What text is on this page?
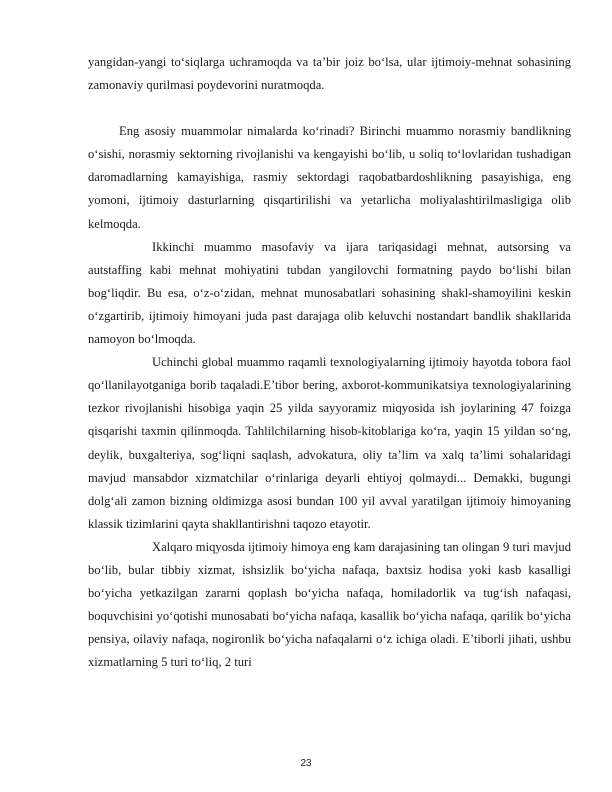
yangidan-yangi to‘siqlarga uchramoqda va ta’bir joiz bo‘lsa, ular ijtimoiy-mehnat sohasining zamonaviy qurilmasi poydevorini nuratmoqda.

Eng asosiy muammolar nimalarda ko‘rinadi? Birinchi muammo norasmiy bandlikning o‘sishi, norasmiy sektorning rivojlanishi va kengayishi bo‘lib, u soliq to‘lovlaridan tushadigan daromadlarning kamayishiga, rasmiy sektordagi raqobatbardoshlikning pasayishiga, eng yomoni, ijtimoiy dasturlarning qisqartirilishi va yetarlicha moliyalashtirilmasligiga olib kelmoqda.

Ikkinchi muammo masofaviy va ijara tariqasidagi mehnat, autsorsing va autstaffing kabi mehnat mohiyatini tubdan yangilovchi formatning paydo bo‘lishi bilan bog‘liqdir. Bu esa, o‘z-o‘zidan, mehnat munosabatlari sohasining shakl-shamoyilini keskin o‘zgartirib, ijtimoiy himoyani juda past darajaga olib keluvchi nostandart bandlik shakllarida namoyon bo‘lmoqda.

Uchinchi global muammo raqamli texnologiyalarning ijtimoiy hayotda tobora faol qo‘llanilayotganiga borib taqaladi.E’tibor bering, axborot-kommunikatsiya texnologiyalarining tezkor rivojlanishi hisobiga yaqin 25 yilda sayyoramiz miqyosida ish joylarining 47 foizga qisqarishi taxmin qilinmoqda. Tahlilchilarning hisob-kitoblariga ko‘ra, yaqin 15 yildan so‘ng, deylik, buxgalteriya, sog‘liqni saqlash, advokatura, oliy ta’lim va xalq ta’limi sohalaridagi mavjud mansabdor xizmatchilar o‘rinlariga deyarli ehtiyoj qolmaydi... Demakki, bugungi dolg‘ali zamon bizning oldimizga asosi bundan 100 yil avval yaratilgan ijtimoiy himoyaning klassik tizimlarini qayta shakllantirishni taqozo etayotir.

Xalqaro miqyosda ijtimoiy himoya eng kam darajasining tan olingan 9 turi mavjud bo‘lib, bular tibbiy xizmat, ishsizlik bo‘yicha nafaqa, baxtsiz hodisa yoki kasb kasalligi bo‘yicha yetkazilgan zararni qoplash bo‘yicha nafaqa, homiladorlik va tug‘ish nafaqasi, boquvchisini yo‘qotishi munosabati bo‘yicha nafaqa, kasallik bo‘yicha nafaqa, qarilik bo‘yicha pensiya, oilaviy nafaqa, nogironlik bo‘yicha nafaqalarni o‘z ichiga oladi. E’tiborli jihati, ushbu xizmatlarning 5 turi to‘liq, 2 turi

23
